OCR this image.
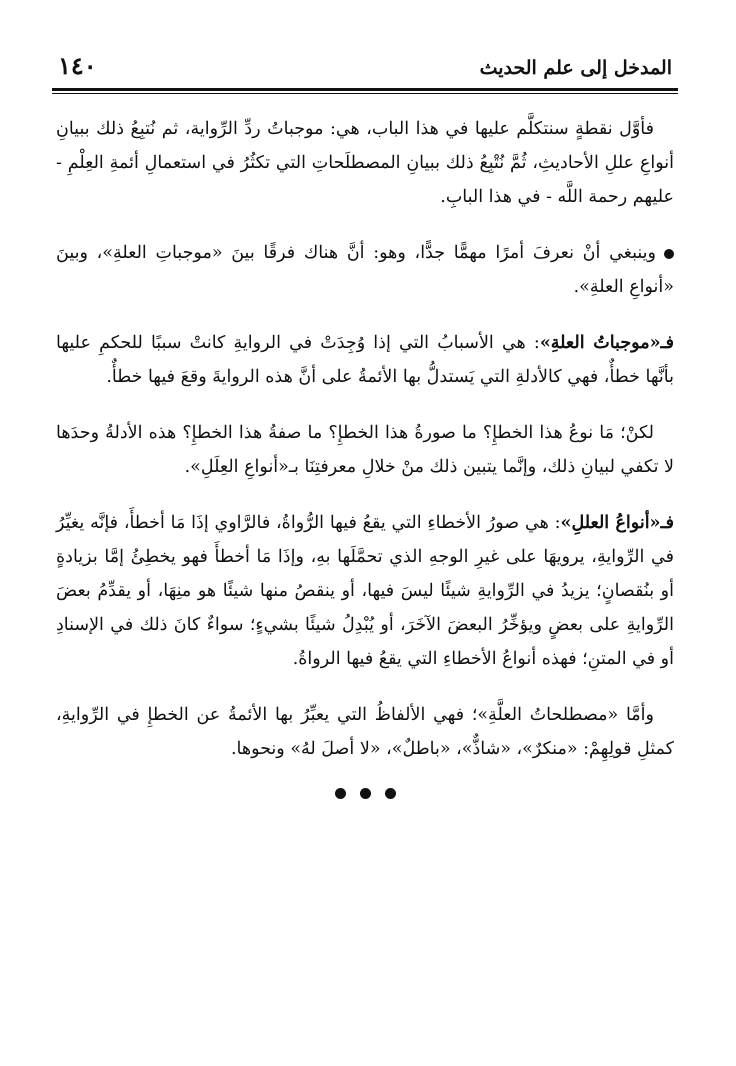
المدخل إلى علم الحديث
١٤٠

فأوَّل نقطةٍ سنتكلَّم عليها في هذا الباب، هي: موجباتُ ردِّ الرِّواية، ثم نُتبِعُ ذلك ببيانِ أنواعِ عللِ الأحاديثِ، ثُمَّ نُتْبِعُ ذلك ببيانِ المصطلَحاتِ التي تكثُرُ في استعمالِ أئمةِ العِلْمِ - عليهم رحمة اللَّه - في هذا البابِ.

وينبغي أنْ نعرفَ أمرًا مهمًّا جدًّا، وهو: أنَّ هناك فرقًا بينَ «موجباتِ العلةِ»، وبينَ «أنواعِ العلةِ».

فـ«موجباتُ العلةِ»: هي الأسبابُ التي إذا وُجِدَتْ في الروايةِ كانتْ سببًا للحكمِ عليها بأنَّها خطأٌ، فهي كالأدلةِ التي يَستدلُّ بها الأئمةُ على أنَّ هذه الروايةَ وقعَ فيها خطأٌ.

لكنْ؛ مَا نوعُ هذا الخطإِ؟ ما صورةُ هذا الخطإِ؟ ما صفةُ هذا الخطإِ؟ هذه الأدلةُ وحدَها لا تكفي لبيانِ ذلك، وإنَّما يتبين ذلك منْ خلالِ معرفتِنَا بـ«أنواعِ العِلَلِ».

فـ«أنواعُ العللِ»: هي صورُ الأخطاءِ التي يقعُ فيها الرُّواةُ، فالرَّاوي إذَا مَا أخطأَ، فإنَّه يغيِّرُ في الرِّوايةِ، يرويهَا على غيرِ الوجهِ الذي تحمَّلَها بهِ، وإذَا مَا أخطأَ فهو يخطِئُ إمَّا بزيادةٍ أو بنُقصانٍ؛ يزيدُ في الرِّوايةِ شيئًا ليسَ فيها، أو ينقصُ منها شيئًا هو منِهَا، أو يقدِّمُ بعضَ الرِّوايةِ على بعضٍ ويؤخِّرُ البعضَ الآخَرَ، أو يُبْدِلُ شيئًا بشيءٍ؛ سواءٌ كانَ ذلك في الإسنادِ أو في المتنِ؛ فهذه أنواعُ الأخطاءِ التي يقعُ فيها الرواةُ.

وأمَّا «مصطلحاتُ العلَّةِ»؛ فهي الألفاظُ التي يعبِّرُ بها الأئمةُ عن الخطإِ في الرِّوايةِ، كمثلِ قولِهِمْ: «منكرٌ»، «شاذٌّ»، «باطلٌ»، «لا أصلَ لهُ» ونحوها.
